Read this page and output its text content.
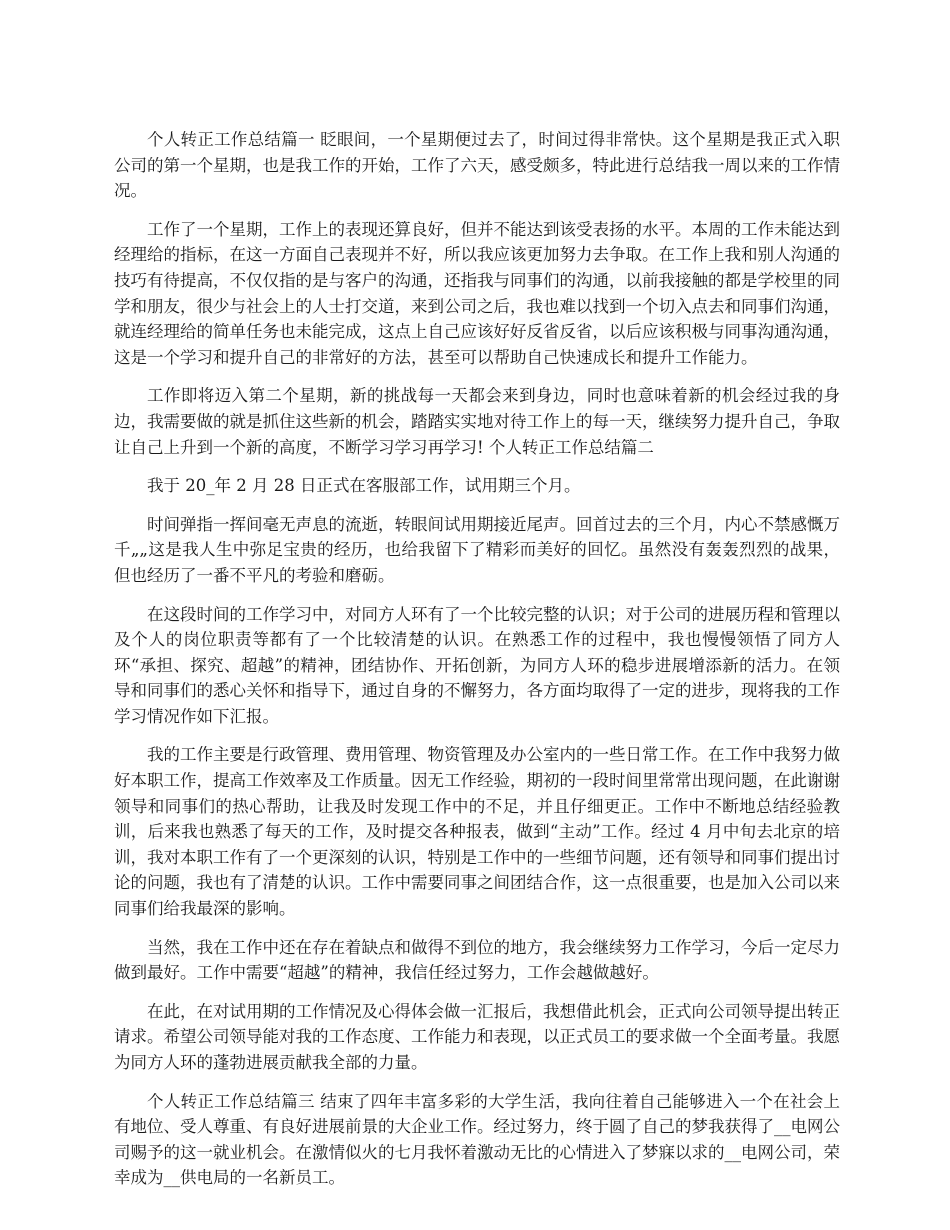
个人转正工作总结篇一 眨眼间，一个星期便过去了，时间过得非常快。这个星期是我正式入职公司的第一个星期，也是我工作的开始，工作了六天，感受颇多，特此进行总结我一周以来的工作情况。

工作了一个星期，工作上的表现还算良好，但并不能达到该受表扬的水平。本周的工作未能达到经理给的指标，在这一方面自己表现并不好，所以我应该更加努力去争取。在工作上我和别人沟通的技巧有待提高，不仅仅指的是与客户的沟通，还指我与同事们的沟通，以前我接触的都是学校里的同学和朋友，很少与社会上的人士打交道，来到公司之后，我也难以找到一个切入点去和同事们沟通，就连经理给的简单任务也未能完成，这点上自己应该好好反省反省，以后应该积极与同事沟通沟通，这是一个学习和提升自己的非常好的方法，甚至可以帮助自己快速成长和提升工作能力。

工作即将迈入第二个星期，新的挑战每一天都会来到身边，同时也意味着新的机会经过我的身边，我需要做的就是抓住这些新的机会，踏踏实实地对待工作上的每一天，继续努力提升自己，争取让自己上升到一个新的高度，不断学习学习再学习! 个人转正工作总结篇二

我于 20_年 2 月 28 日正式在客服部工作，试用期三个月。

时间弹指一挥间毫无声息的流逝，转眼间试用期接近尾声。回首过去的三个月，内心不禁感慨万千„„这是我人生中弥足宝贵的经历，也给我留下了精彩而美好的回忆。虽然没有轰轰烈烈的战果，但也经历了一番不平凡的考验和磨砺。

在这段时间的工作学习中，对同方人环有了一个比较完整的认识；对于公司的进展历程和管理以及个人的岗位职责等都有了一个比较清楚的认识。在熟悉工作的过程中，我也慢慢领悟了同方人环“承担、探究、超越”的精神，团结协作、开拓创新，为同方人环的稳步进展增添新的活力。在领导和同事们的悉心关怀和指导下，通过自身的不懈努力，各方面均取得了一定的进步，现将我的工作学习情况作如下汇报。

我的工作主要是行政管理、费用管理、物资管理及办公室内的一些日常工作。在工作中我努力做好本职工作，提高工作效率及工作质量。因无工作经验，期初的一段时间里常常出现问题，在此谢谢领导和同事们的热心帮助，让我及时发现工作中的不足，并且仔细更正。工作中不断地总结经验教训，后来我也熟悉了每天的工作，及时提交各种报表，做到“主动”工作。经过 4 月中旬去北京的培训，我对本职工作有了一个更深刻的认识，特别是工作中的一些细节问题，还有领导和同事们提出讨论的问题，我也有了清楚的认识。工作中需要同事之间团结合作，这一点很重要，也是加入公司以来同事们给我最深的影响。

当然，我在工作中还在存在着缺点和做得不到位的地方，我会继续努力工作学习，今后一定尽力做到最好。工作中需要“超越”的精神，我信任经过努力，工作会越做越好。

在此，在对试用期的工作情况及心得体会做一汇报后，我想借此机会，正式向公司领导提出转正请求。希望公司领导能对我的工作态度、工作能力和表现，以正式员工的要求做一个全面考量。我愿为同方人环的蓬勃进展贡献我全部的力量。

个人转正工作总结篇三 结束了四年丰富多彩的大学生活，我向往着自己能够进入一个在社会上有地位、受人尊重、有良好进展前景的大企业工作。经过努力，终于圆了自己的梦我获得了__电网公司赐予的这一就业机会。在激情似火的七月我怀着激动无比的心情进入了梦寐以求的__电网公司，荣幸成为__供电局的一名新员工。
